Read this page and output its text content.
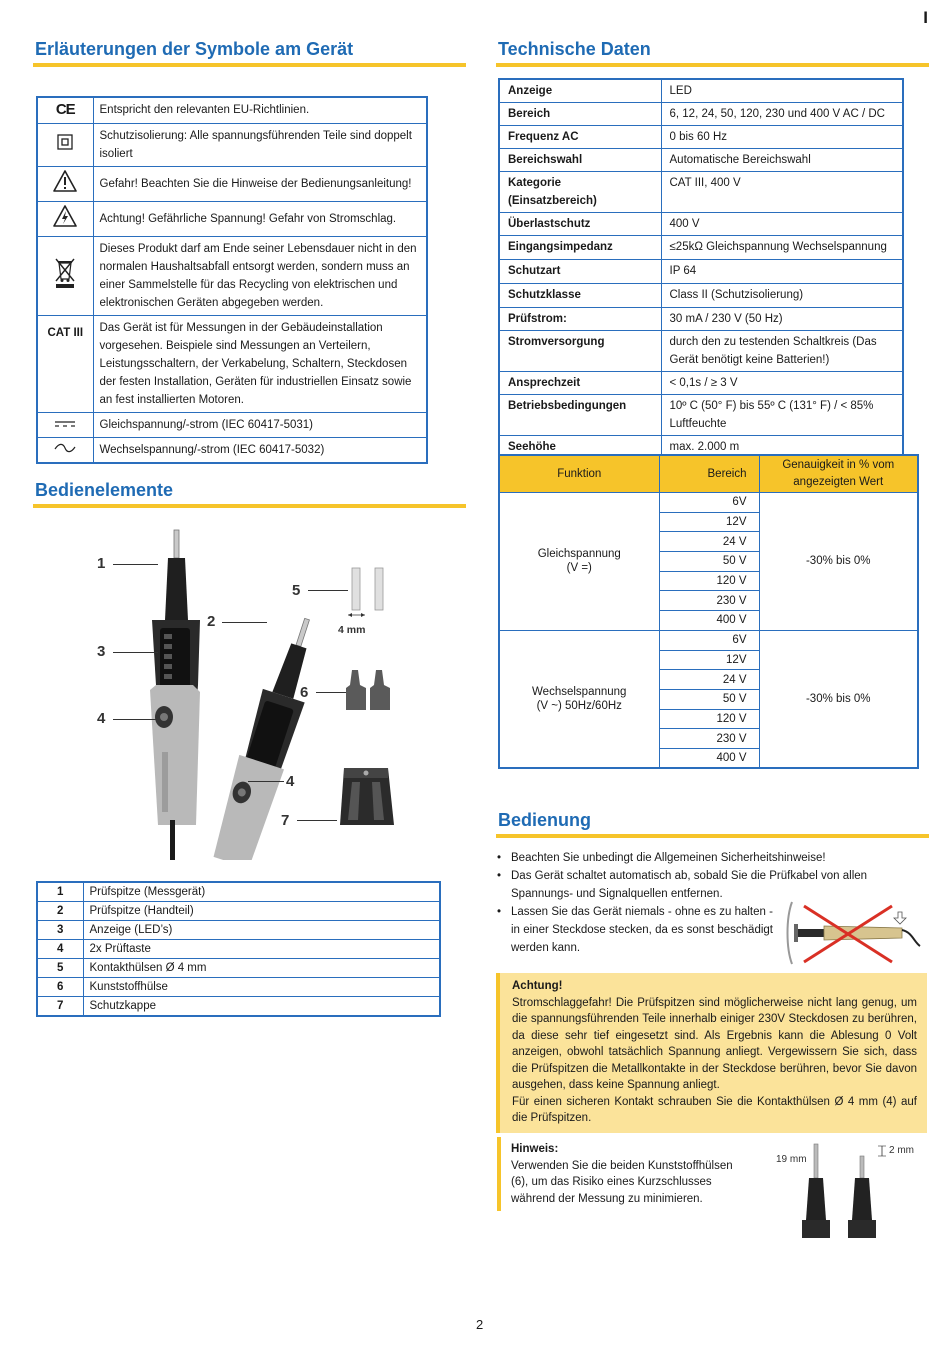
I
Erläuterungen der Symbole am Gerät
CE	Entspricht den relevanten EU-Richtlinien.
	Schutzisolierung: Alle spannungsführenden Teile sind doppelt isoliert
	Gefahr! Beachten Sie die Hinweise der Bedienungsanleitung!
	Achtung! Gefährliche Spannung! Gefahr von Stromschlag.
	Dieses Produkt darf am Ende seiner Lebensdauer nicht in den normalen Haushaltsabfall entsorgt werden, sondern muss an einer Sammelstelle für das Recycling von elektrischen und elektronischen Geräten abgegeben werden.
CAT III	Das Gerät ist für Messungen in der Gebäudeinstallation vorgesehen. Beispiele sind Messungen an Verteilern, Leistungsschaltern, der Verkabelung, Schaltern, Steckdosen der festen Installation, Geräten für industriellen Einsatz sowie an fest installierten Motoren.
	Gleichspannung/-strom (IEC 60417-5031)
	Wechselspannung/-strom (IEC 60417-5032)
Bedienelemente
1
2
3
4
5
4 mm
6
7
4
1	Prüfspitze (Messgerät)
2	Prüfspitze (Handteil)
3	Anzeige (LED’s)
4	2x Prüftaste
5	Kontakthülsen Ø 4 mm
6	Kunststoffhülse
7	Schutzkappe
Technische Daten
Anzeige	LED
Bereich	6, 12, 24, 50, 120, 230 und 400 V AC / DC
Frequenz AC	0 bis 60 Hz
Bereichswahl	Automatische Bereichswahl
Kategorie (Einsatzbereich)	CAT III, 400 V
Überlastschutz	400 V
Eingangsimpedanz	≤25kΩ Gleichspannung Wechselspannung
Schutzart	IP 64
Schutzklasse	Class II (Schutzisolierung)
Prüfstrom:	30 mA / 230 V (50 Hz)
Stromversorgung	durch den zu testenden Schaltkreis (Das Gerät benötigt keine Batterien!)
Ansprechzeit	< 0,1s / ≥ 3 V
Betriebsbedingungen	10º C (50° F) bis 55º C (131° F) / < 85% Luftfeuchte
Seehöhe	max. 2.000 m
Funktion	Bereich	Genauigkeit in % vom angezeigten Wert

Gleichspannung
(V =)	6V	-30% bis 0%
	12V	
	24 V	
	50 V	
	120 V	
	230 V	
	400 V	

Wechselspannung
(V ~) 50Hz/60Hz	6V	-30% bis 0%
	12V	
	24 V	
	50 V	
	120 V	
	230 V	
	400 V	
Bedienung
• Beachten Sie unbedingt die Allgemeinen Sicherheitshinweise!
• Das Gerät schaltet automatisch ab, sobald Sie die Prüfkabel von allen Spannungs- und Signalquellen entfernen.
• Lassen Sie das Gerät niemals - ohne es zu halten - in einer Steckdose stecken, da es sonst beschädigt werden kann.
Achtung!
Stromschlaggefahr! Die Prüfspitzen sind möglicherweise nicht lang genug, um die spannungsführenden Teile innerhalb einiger 230V Steckdosen zu berühren, da diese sehr tief eingesetzt sind. Als Ergebnis kann die Ablesung 0 Volt anzeigen, obwohl tatsächlich Spannung anliegt. Vergewissern Sie sich, dass die Prüfspitzen die Metallkontakte in der Steckdose berühren, bevor Sie davon ausgehen, dass keine Spannung anliegt.
Für einen sicheren Kontakt schrauben Sie die Kontakthülsen Ø 4 mm (4) auf die Prüfspitzen.
Hinweis:
Verwenden Sie die beiden Kunststoffhülsen (6), um das Risiko eines Kurzschlusses während der Messung zu minimieren.
19 mm
2 mm
2
